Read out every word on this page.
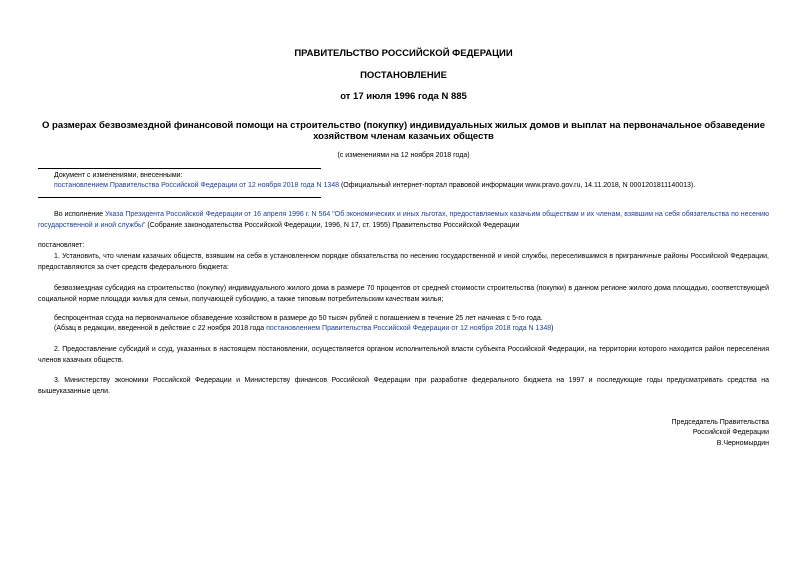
ПРАВИТЕЛЬСТВО РОССИЙСКОЙ ФЕДЕРАЦИИ
ПОСТАНОВЛЕНИЕ
от 17 июля 1996 года N 885
О размерах безвозмездной финансовой помощи на строительство (покупку) индивидуальных жилых домов и выплат на первоначальное обзаведение хозяйством членам казачьих обществ
(с изменениями на 12 ноября 2018 года)
Документ с изменениями, внесенными:
постановлением Правительства Российской Федерации от 12 ноября 2018 года N 1348 (Официальный интернет-портал правовой информации www.pravo.gov.ru, 14.11.2018, N 0001201811140013).
Во исполнение Указа Президента Российской Федерации от 16 апреля 1996 г. N 564 "Об экономических и иных льготах, предоставляемых казачьим обществам и их членам, взявшим на себя обязательства по несению государственной и иной службы" (Собрание законодательства Российской Федерации, 1996, N 17, ст. 1955) Правительство Российской Федерации
постановляет:
1. Установить, что членам казачьих обществ, взявшим на себя в установленном порядке обязательства по несению государственной и иной службы, переселившимся в приграничные районы Российской Федерации, предоставляются за счет средств федерального бюджета:
безвозмездная субсидия на строительство (покупку) индивидуального жилого дома в размере 70 процентов от средней стоимости строительства (покупки) в данном регионе жилого дома площадью, соответствующей социальной норме площади жилья для семьи, получающей субсидию, а также типовым потребительским качествам жилья;
беспроцентная ссуда на первоначальное обзаведение хозяйством в размере до 50 тысяч рублей с погашением в течение 25 лет начиная с 5-го года.
(Абзац в редакции, введенной в действие с 22 ноября 2018 года постановлением Правительства Российской Федерации от 12 ноября 2018 года N 1348)
2. Предоставление субсидий и ссуд, указанных в настоящем постановлении, осуществляется органом исполнительной власти субъекта Российской Федерации, на территории которого находится район переселения членов казачьих обществ.
3. Министерству экономики Российской Федерации и Министерству финансов Российской Федерации при разработке федерального бюджета на 1997 и последующие годы предусматривать средства на вышеуказанные цели.
Председатель Правительства
Российской Федерации
В.Черномырдин
